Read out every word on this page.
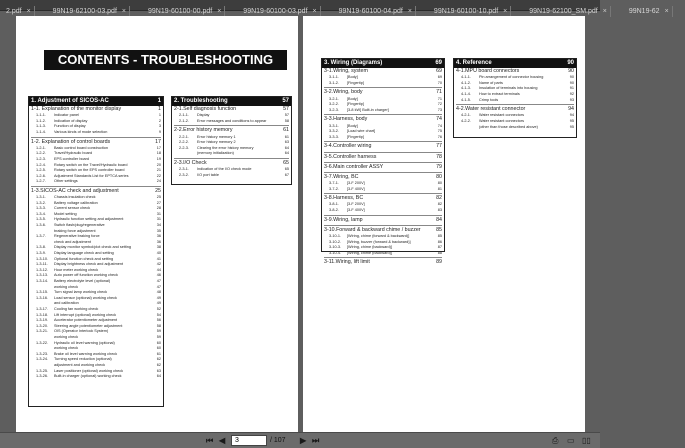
2.pdf ×	99N19-62100-03.pdf ×	99N19-60100-00.pdf ×	99N19-60100-03.pdf ×	99N19-60100-04.pdf ×	99N19-60100-10.pdf ×	99N19-62100_SM.pdf ×	99N19-62 ×
CONTENTS - TROUBLESHOOTING
1. Adjustment of SICOS-AC	1
1-1. Explanation of the monitor display	1
1-1-1.	Indicator panel	1
1-1-2.	Indication of display	2
1-1-3.	Function of display	3
1-1-4.	Various kinds of mode selection	9
1-2. Explanation of control boards	17
1-2-1.	Basic control board construction	17
1-2-2.	Travel/Hydraulic board	18
1-2-3.	EPS controller board	19
1-2-4.	Rotary switch on the Travel/Hydraulic board	20
1-2-5.	Rotary switch on the EPS controller board	21
1-2-6.	Adjustment Standards List for EPTCA series	22
1-2-7.	Other settings	24
1-3.SICOS-AC check and adjustment	25
1-3-1.	Chassis insulation check	25
1-3-2.	Battery voltage calibration	27
1-3-3.	Current sensor check	28
1-3-4.	Model setting	31
1-3-5.	Hydraulic function setting and adjustment	31
1-3-6.	Switch flash/plug/regenerative	34
braking force adjustment	35
1-3-7.	Regenerative braking force	36
check and adjustment	36
1-3-8.	Display monitor symbol/plot check and setting	38
1-3-9.	Display language check and setting	40
1-3-10.	Optional function check and setting	41
1-3-11.	Display brightness check and adjustment	42
1-3-12.	Hour meter working check	44
1-3-13.	Auto power off function working check	46
1-3-14.	Battery electrolyte level (optional)	47
working check	47
1-3-15.	Turn signal lamp working check	48
1-3-16.	Load sensor (optional) working check	49
and calibration	49
1-3-17.	Cooling fan working check	52
1-3-18.	Lift interrupt (optional) working check	54
1-3-19.	Accelerator potentiometer adjustment	56
1-3-20.	Steering angle potentiometer adjustment	58
1-3-21.	OIS (Operator Interlock System)	59
working check	59
1-3-22.	Hydraulic oil level warning (optional)	60
working check	60
1-3-23.	Brake oil level warning working check	61
1-3-24.	Turning speed reduction (optional)	62
adjustment and working check	62
1-3-25.	Laser positioner (optional) working check	63
1-3-26.	Built-in charger (optional) working check	64
2. Troubleshooting	57
2-1.Self diagnosis function	57
2-1-1.	Display	57
2-1-2.	Error messages and conditions to appear	58
2-2.Error history memory	61
2-2-1.	Error history memory 1	61
2-2-2.	Error history memory 2	63
2-2-3.	Clearing the error history memory	64
(memory initialization)	64
2-3.I/O Check	65
2-3-1.	Indication of the I/O check mode	65
2-3-2.	I/O port table	67
3. Wiring (Diagrams)	69
3-1.Wiring, system	69
3-1-1.	[Body]	69
3-1-2.	[Fingertip]	70
3-2.Wiring, body	71
3-2-1.	[Body]	71
3-2-2.	[Fingertip]	72
3-2-3.	[3-8 kW] Built-in charger]	73
3-3.Harness, body	74
3-3-1.	[Body]	74
3-3-2.	[Load wire chart]	75
3-3-3.	[Fingertip]	76
3-4.Controller wiring	77
3-5.Controller harness	78
3-6.Main controller ASSY	79
3-7.Wiring, BC	80
3-7-1.	[3-F 200V]	80
3-7-2.	[3-F 400V]	81
3-8.Harness, BC	82
3-8-1.	[3-F 200V]	82
3-8-2.	[3-F 400V]	83
3-9.Wiring, lamp	84
3-10.Forward & backward chime / buzzer	85
3-10-1.	[Wiring, chime (forward & backward)]	85
3-10-2.	[Wiring, buzzer (forward & backward)]	86
3-10-3.	[Wiring, chime (backward)]	87
3-10-4.	[Wiring, chime (backward)]	88
3-11.Wiring, lift limit	89
4. Reference	90
4-1.MPU board connectors	90
4-1-1.	Pin arrangement of connector housing	90
4-1-2.	Name of parts	90
4-1-3.	Insulation of terminals into housing	91
4-1-4.	How to extract terminals	92
4-1-5.	Crimp tools	93
4-2.Water resistant connector	94
4-2-1.	Water resistant connectors	94
4-2-2.	Water resistant connectors	95
(other than those described above)	95
⏮ ◀	3	/ 107 ▶ ⏭	⎙ ▭ ▯▯
